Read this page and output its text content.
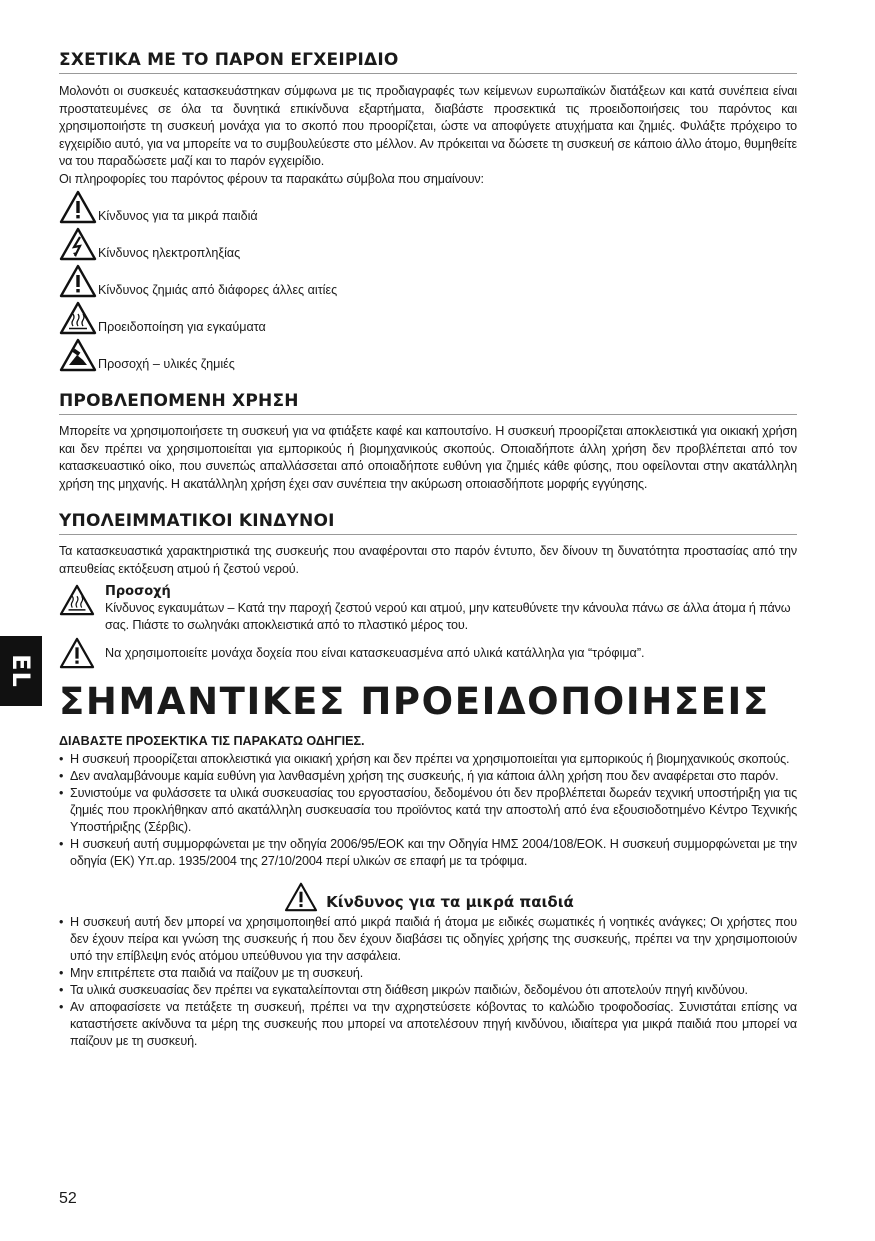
EL
ΣΧΕΤΙΚΑ ΜΕ ΤΟ ΠΑΡΟΝ ΕΓΧΕΙΡΙΔΙΟ

Μολονότι οι συσκευές κατασκευάστηκαν σύμφωνα με τις προδιαγραφές των κείμενων ευρωπαϊκών διατάξεων και κατά συνέπεια είναι προστατευμένες σε όλα τα δυνητικά επικίνδυνα εξαρτήματα, διαβάστε προσεκτικά τις προειδοποιήσεις του παρόντος και χρησιμοποιήστε τη συσκευή μονάχα για το σκοπό που προορίζεται, ώστε να αποφύγετε ατυχήματα και ζημιές. Φυλάξτε πρόχειρο το εγχειρίδιο αυτό, για να μπορείτε να το συμβουλεύεστε στο μέλλον. Αν πρόκειται να δώσετε τη συσκευή σε κάποιο άλλο άτομο, θυμηθείτε να του παραδώσετε μαζί και το παρόν εγχειρίδιο.

Οι πληροφορίες του παρόντος φέρουν τα παρακάτω σύμβολα που σημαίνουν:

Κίνδυνος για τα μικρά παιδιά
Κίνδυνος ηλεκτροπληξίας
Κίνδυνος ζημιάς από διάφορες άλλες αιτίες
Προειδοποίηση για εγκαύματα
Προσοχή – υλικές ζημιές
ΠΡΟΒΛΕΠΟΜΕΝΗ ΧΡΗΣΗ

Μπορείτε να χρησιμοποιήσετε τη συσκευή για να φτιάξετε καφέ και καπουτσίνο. Η συσκευή προορίζεται αποκλειστικά για οικιακή χρήση και δεν πρέπει να χρησιμοποιείται για εμπορικούς ή βιομηχανικούς σκοπούς. Οποιαδήποτε άλλη χρήση δεν προβλέπεται από τον κατασκευαστικό οίκο, που συνεπώς απαλλάσσεται από οποιαδήποτε ευθύνη για ζημιές κάθε φύσης, που οφείλονται στην ακατάλληλη χρήση της μηχανής. Η ακατάλληλη χρήση έχει σαν συνέπεια την ακύρωση οποιασδήποτε μορφής εγγύησης.

ΥΠΟΛΕΙΜΜΑΤΙΚΟΙ ΚΙΝΔΥΝΟΙ

Τα κατασκευαστικά χαρακτηριστικά της συσκευής που αναφέρονται στο παρόν έντυπο, δεν δίνουν τη δυνατότητα προστασίας από την απευθείας εκτόξευση ατμού ή ζεστού νερού.

Προσοχή
Κίνδυνος εγκαυμάτων – Κατά την παροχή ζεστού νερού και ατμού, μην κατευθύνετε την κάνουλα πάνω σε άλλα άτομα ή πάνω σας. Πιάστε το σωληνάκι αποκλειστικά από το πλαστικό μέρος του.
Να χρησιμοποιείτε μονάχα δοχεία που είναι κατασκευασμένα από υλικά κατάλληλα για “τρόφιμα”.
ΣΗΜΑΝΤΙΚΕΣ ΠΡΟΕΙΔΟΠΟΙΗΣΕΙΣ
ΔΙΑΒΑΣΤΕ ΠΡΟΣΕΚΤΙΚΑ ΤΙΣ ΠΑΡΑΚΑΤΩ ΟΔΗΓΙΕΣ.
• Η συσκευή προορίζεται αποκλειστικά για οικιακή χρήση και δεν πρέπει να χρησιμοποιείται για εμπορικούς ή βιομηχανικούς σκοπούς.
• Δεν αναλαμβάνουμε καμία ευθύνη για λανθασμένη χρήση της συσκευής, ή για κάποια άλλη χρήση που δεν αναφέρεται στο παρόν.
• Συνιστούμε να φυλάσσετε τα υλικά συσκευασίας του εργοστασίου, δεδομένου ότι δεν προβλέπεται δωρεάν τεχνική υποστήριξη για τις ζημιές που προκλήθηκαν από ακατάλληλη συσκευασία του προϊόντος κατά την αποστολή από ένα εξουσιοδοτημένο Κέντρο Τεχνικής Υποστήριξης (Σέρβις).
• Η συσκευή αυτή συμμορφώνεται με την οδηγία 2006/95/ΕΟΚ και την Οδηγία ΗΜΣ 2004/108/ΕΟΚ. Η συσκευή συμμορφώνεται με την οδηγία (ΕΚ) Υπ.αρ. 1935/2004 της 27/10/2004 περί υλικών σε επαφή με τα τρόφιμα.
Κίνδυνος για τα μικρά παιδιά
• Η συσκευή αυτή δεν μπορεί να χρησιμοποιηθεί από μικρά παιδιά ή άτομα με ειδικές σωματικές ή νοητικές ανάγκες; Οι χρήστες που δεν έχουν πείρα και γνώση της συσκευής ή που δεν έχουν διαβάσει τις οδηγίες χρήσης της συσκευής, πρέπει να την χρησιμοποιούν υπό την επίβλεψη ενός ατόμου υπεύθυνου για την ασφάλεια.
• Μην επιτρέπετε στα παιδιά να παίζουν με τη συσκευή.
• Τα υλικά συσκευασίας δεν πρέπει να εγκαταλείπονται στη διάθεση μικρών παιδιών, δεδομένου ότι αποτελούν πηγή κινδύνου.
• Αν αποφασίσετε να πετάξετε τη συσκευή, πρέπει να την αχρηστεύσετε κόβοντας το καλώδιο τροφοδοσίας. Συνιστάται επίσης να καταστήσετε ακίνδυνα τα μέρη της συσκευής που μπορεί να αποτελέσουν πηγή κινδύνου, ιδιαίτερα για μικρά παιδιά που μπορεί να παίζουν με τη συσκευή.
52
